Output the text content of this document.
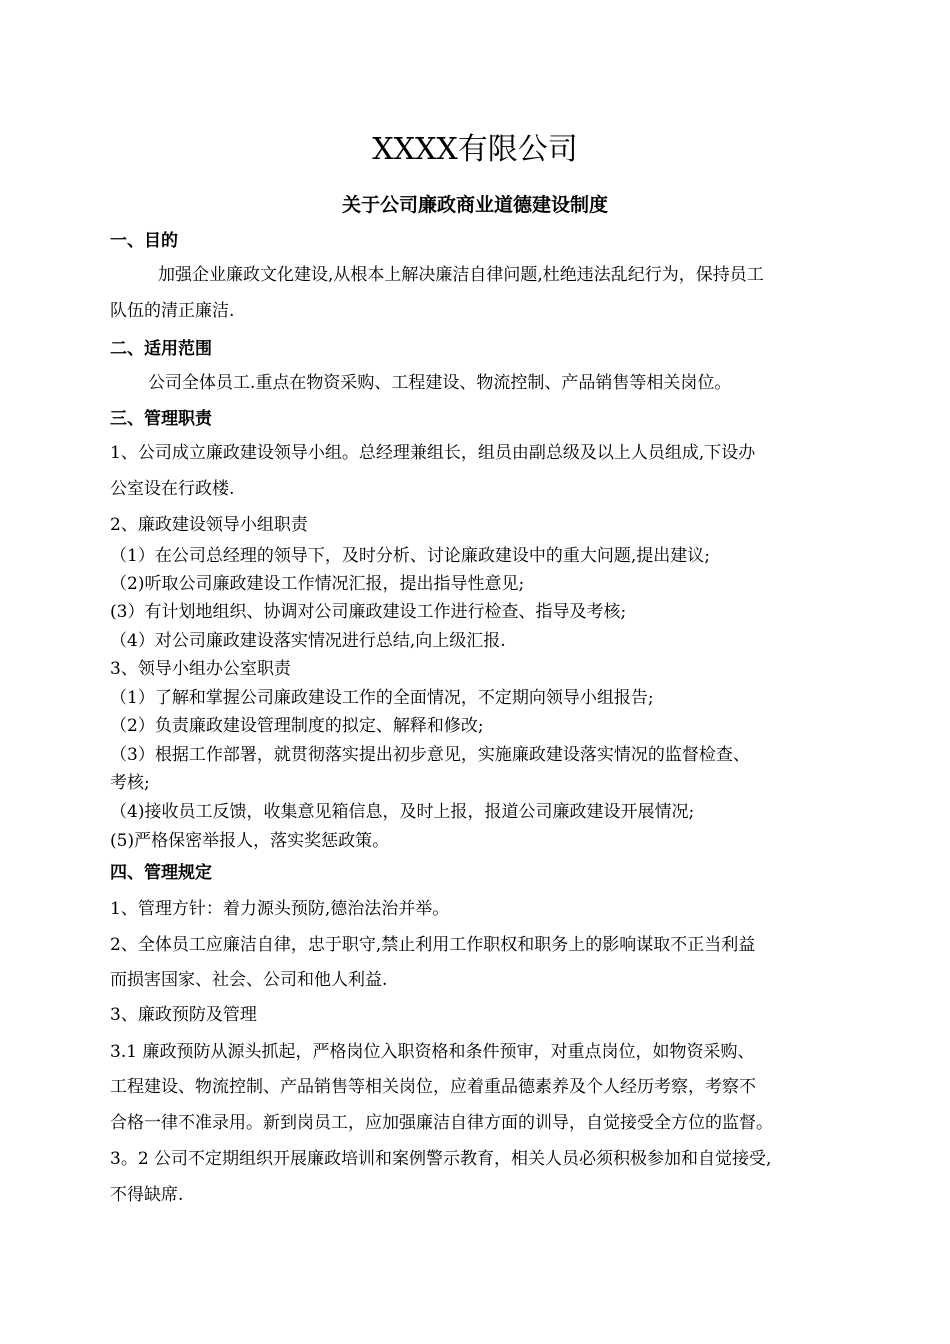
XXXX有限公司
关于公司廉政商业道德建设制度
一、目的
加强企业廉政文化建设,从根本上解决廉洁自律问题,杜绝违法乱纪行为，保持员工
队伍的清正廉洁.
二、适用范围
公司全体员工.重点在物资采购、工程建设、物流控制、产品销售等相关岗位。
三、管理职责
1、公司成立廉政建设领导小组。总经理兼组长，组员由副总级及以上人员组成,下设办
公室设在行政楼.
2、廉政建设领导小组职责
（1）在公司总经理的领导下，及时分析、讨论廉政建设中的重大问题,提出建议;
（2)听取公司廉政建设工作情况汇报，提出指导性意见;
(3）有计划地组织、协调对公司廉政建设工作进行检查、指导及考核;
（4）对公司廉政建设落实情况进行总结,向上级汇报.
3、领导小组办公室职责
（1）了解和掌握公司廉政建设工作的全面情况，不定期向领导小组报告;
（2）负责廉政建设管理制度的拟定、解释和修改;
（3）根据工作部署，就贯彻落实提出初步意见，实施廉政建设落实情况的监督检查、
考核;
（4)接收员工反馈，收集意见箱信息，及时上报，报道公司廉政建设开展情况;
(5)严格保密举报人，落实奖惩政策。
四、管理规定
1、管理方针：着力源头预防,德治法治并举。
2、全体员工应廉洁自律，忠于职守,禁止利用工作职权和职务上的影响谋取不正当利益
而损害国家、社会、公司和他人利益.
3、廉政预防及管理
3.1 廉政预防从源头抓起，严格岗位入职资格和条件预审，对重点岗位，如物资采购、
工程建设、物流控制、产品销售等相关岗位，应着重品德素养及个人经历考察，考察不
合格一律不准录用。新到岗员工，应加强廉洁自律方面的训导，自觉接受全方位的监督。
3。2 公司不定期组织开展廉政培训和案例警示教育，相关人员必须积极参加和自觉接受,
不得缺席.
